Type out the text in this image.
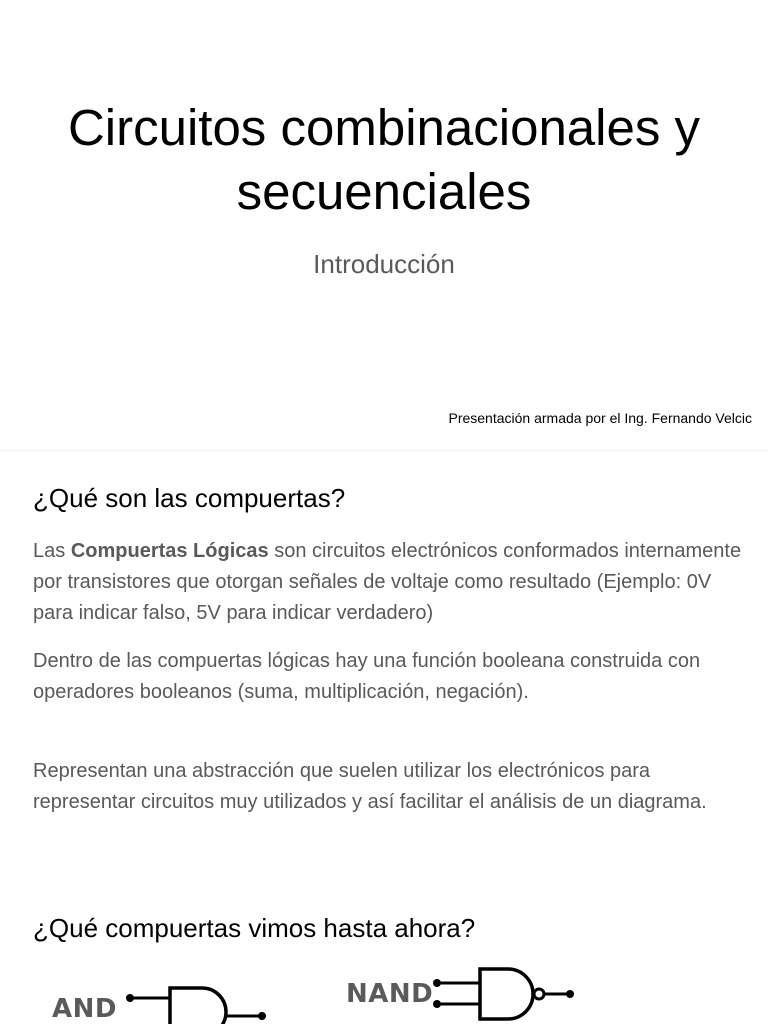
Circuitos combinacionales y
secuenciales

Introducción

Presentación armada por el Ing. Fernando Velcic
¿Qué son las compuertas?

Las Compuertas Lógicas son circuitos electrónicos conformados internamente por transistores que otorgan señales de voltaje como resultado (Ejemplo: 0V para indicar falso, 5V para indicar verdadero)

Dentro de las compuertas lógicas hay una función booleana construida con operadores booleanos (suma, multiplicación, negación).

Representan una abstracción que suelen utilizar los electrónicos para representar circuitos muy utilizados y así facilitar el análisis de un diagrama.

¿Qué compuertas vimos hasta ahora?
AND	NAND
